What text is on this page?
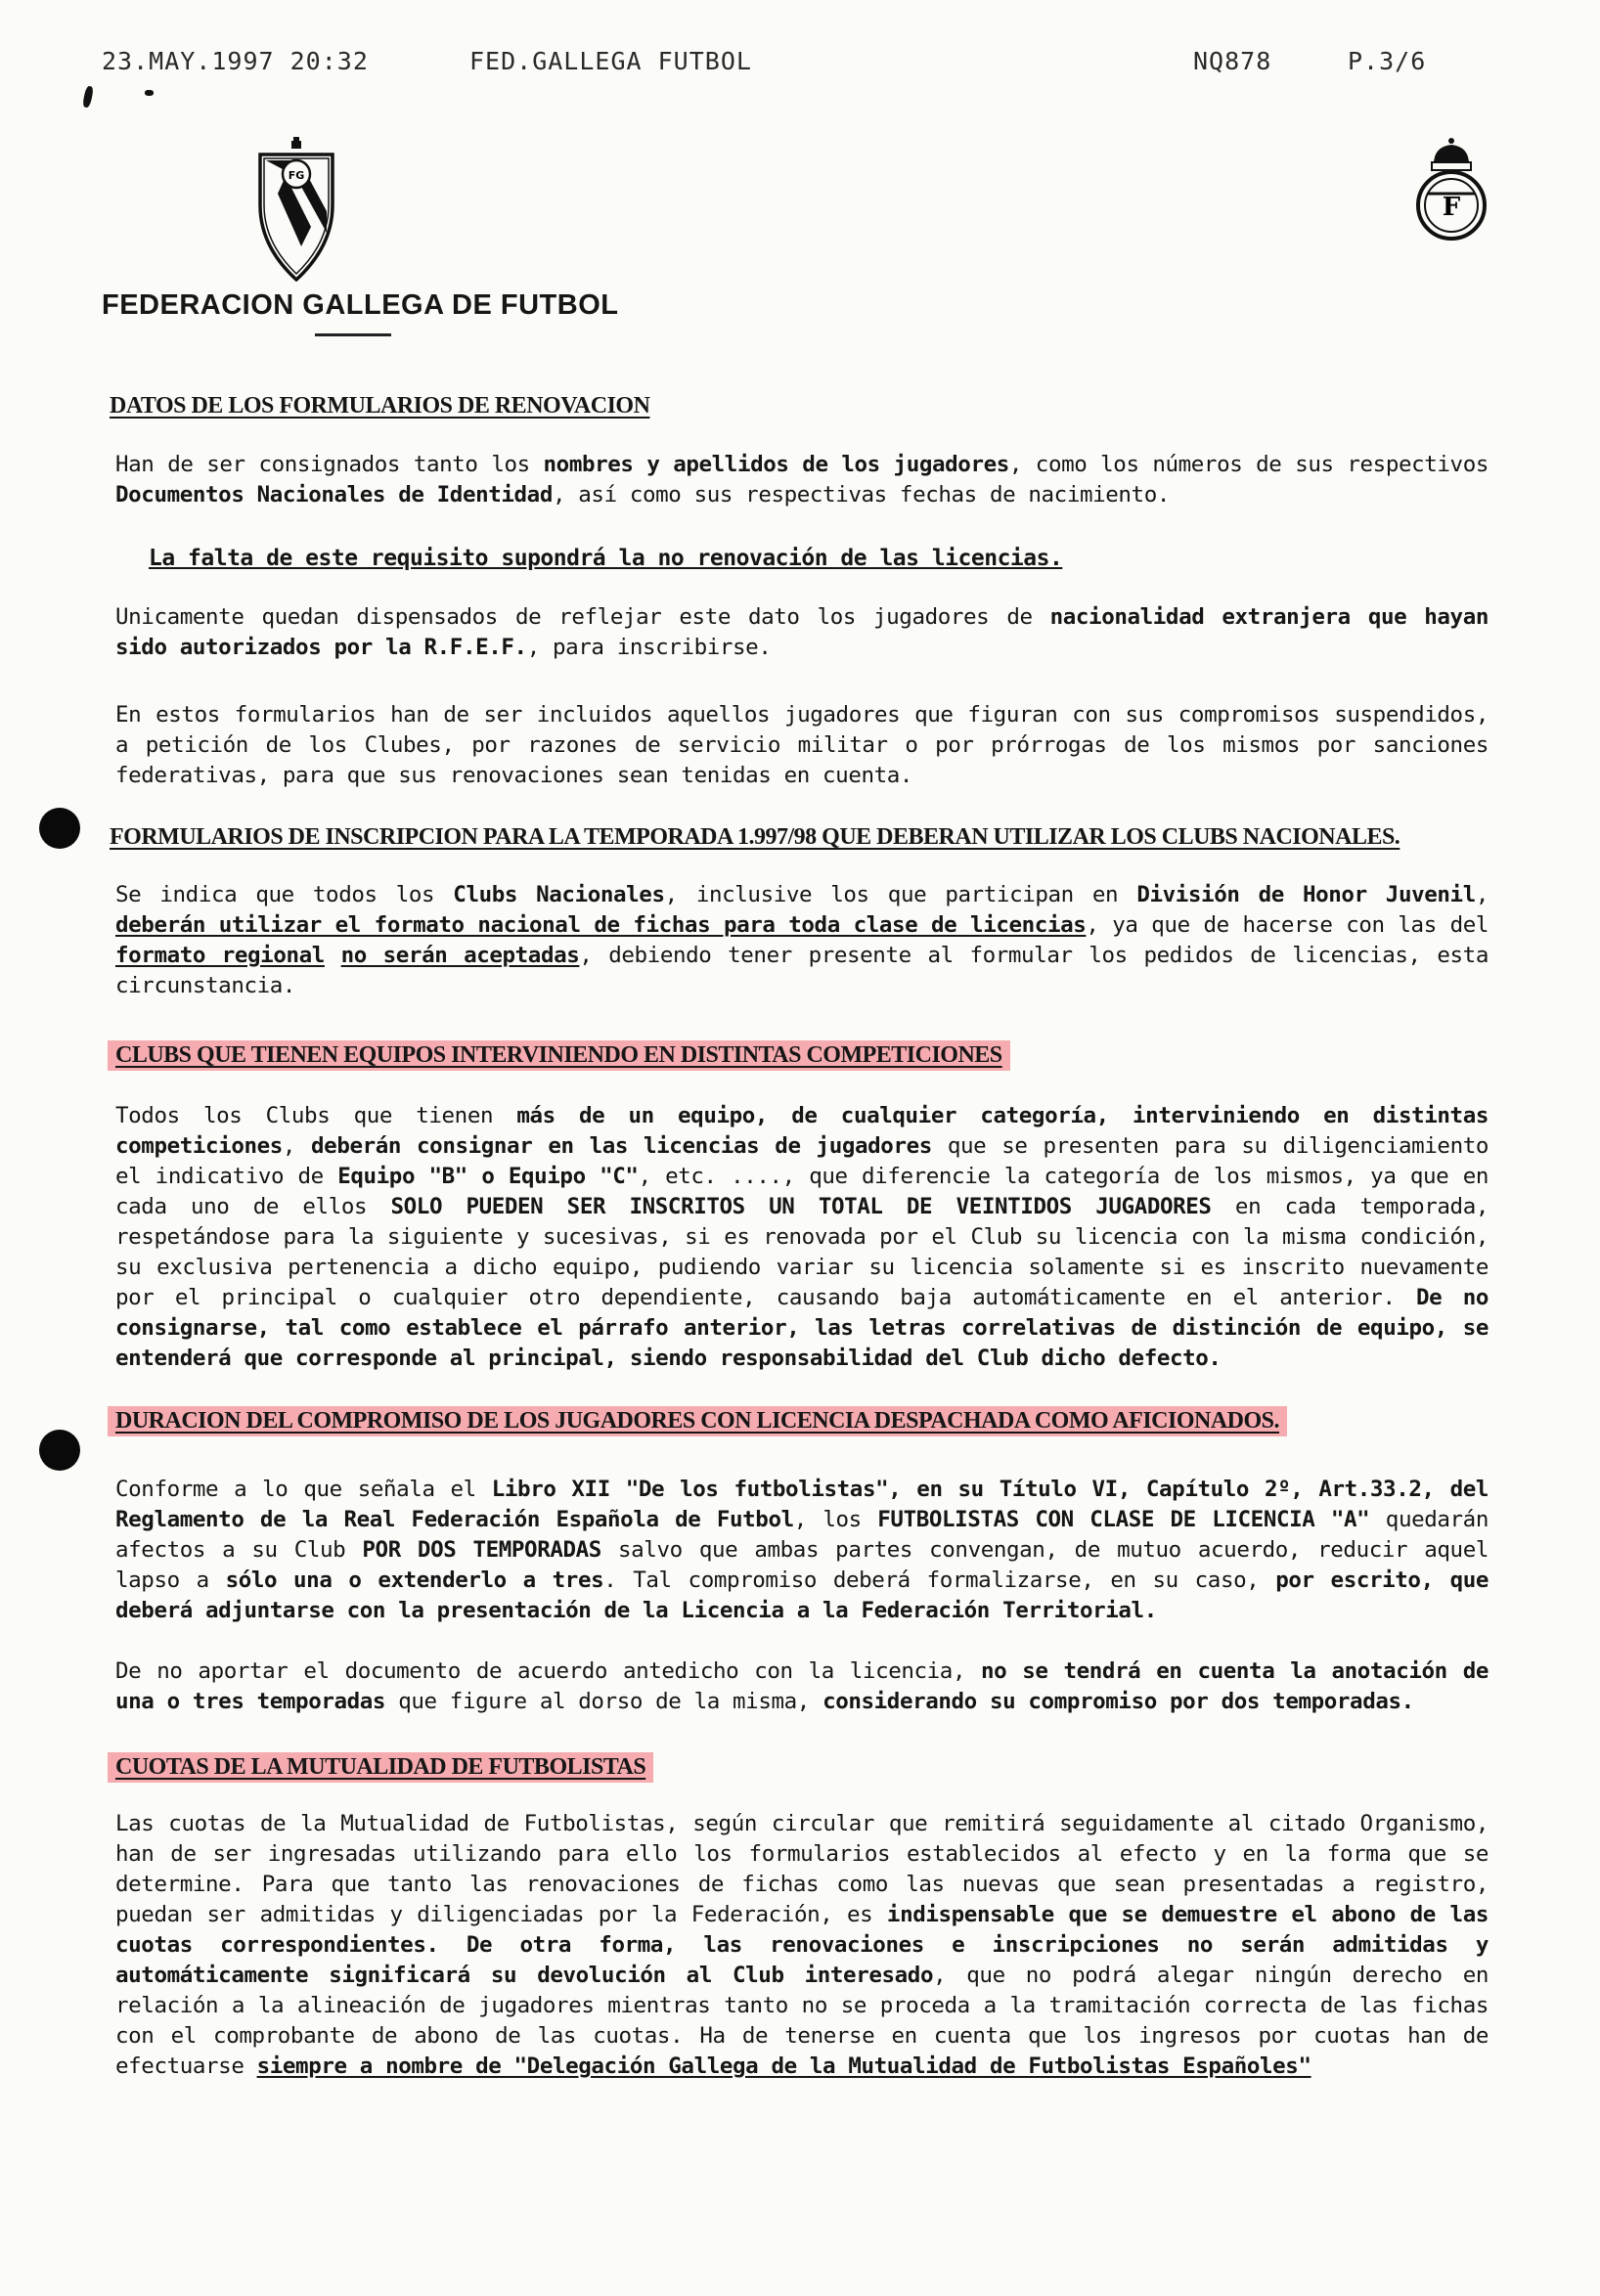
23.MAY.1997 20:32	FED.GALLEGA FUTBOL	NQ878	P.3/6
FG
F
FEDERACION GALLEGA DE FUTBOL
DATOS DE LOS FORMULARIOS DE RENOVACION
Han de ser consignados tanto los nombres y apellidos de los jugadores, como los números de sus respectivos Documentos Nacionales de Identidad, así como sus respectivas fechas de nacimiento.
La falta de este requisito supondrá la no renovación de las licencias.
Unicamente quedan dispensados de reflejar este dato los jugadores de nacionalidad extranjera que hayan sido autorizados por la R.F.E.F., para inscribirse.
En estos formularios han de ser incluidos aquellos jugadores que figuran con sus compromisos suspendidos, a petición de los Clubes, por razones de servicio militar o por prórrogas de los mismos por sanciones federativas, para que sus renovaciones sean tenidas en cuenta.
FORMULARIOS DE INSCRIPCION PARA LA TEMPORADA 1.997/98 QUE DEBERAN UTILIZAR LOS CLUBS NACIONALES.
Se indica que todos los Clubs Nacionales, inclusive los que participan en División de Honor Juvenil, deberán utilizar el formato nacional de fichas para toda clase de licencias, ya que de hacerse con las del formato regional no serán aceptadas, debiendo tener presente al formular los pedidos de licencias, esta circunstancia.
CLUBS QUE TIENEN EQUIPOS INTERVINIENDO EN DISTINTAS COMPETICIONES
Todos los Clubs que tienen más de un equipo, de cualquier categoría, interviniendo en distintas competiciones, deberán consignar en las licencias de jugadores que se presenten para su diligenciamiento el indicativo de Equipo "B" o Equipo "C", etc. ...., que diferencie la categoría de los mismos, ya que en cada uno de ellos SOLO PUEDEN SER INSCRITOS UN TOTAL DE VEINTIDOS JUGADORES en cada temporada, respetándose para la siguiente y sucesivas, si es renovada por el Club su licencia con la misma condición, su exclusiva pertenencia a dicho equipo, pudiendo variar su licencia solamente si es inscrito nuevamente por el principal o cualquier otro dependiente, causando baja automáticamente en el anterior. De no consignarse, tal como establece el párrafo anterior, las letras correlativas de distinción de equipo, se entenderá que corresponde al principal, siendo responsabilidad del Club dicho defecto.
DURACION DEL COMPROMISO DE LOS JUGADORES CON LICENCIA DESPACHADA COMO AFICIONADOS.
Conforme a lo que señala el Libro XII "De los futbolistas", en su Título VI, Capítulo 2º, Art.33.2, del Reglamento de la Real Federación Española de Futbol, los FUTBOLISTAS CON CLASE DE LICENCIA "A" quedarán afectos a su Club POR DOS TEMPORADAS salvo que ambas partes convengan, de mutuo acuerdo, reducir aquel lapso a sólo una o extenderlo a tres. Tal compromiso deberá formalizarse, en su caso, por escrito, que deberá adjuntarse con la presentación de la Licencia a la Federación Territorial.
De no aportar el documento de acuerdo antedicho con la licencia, no se tendrá en cuenta la anotación de una o tres temporadas que figure al dorso de la misma, considerando su compromiso por dos temporadas.
CUOTAS DE LA MUTUALIDAD DE FUTBOLISTAS
Las cuotas de la Mutualidad de Futbolistas, según circular que remitirá seguidamente al citado Organismo, han de ser ingresadas utilizando para ello los formularios establecidos al efecto y en la forma que se determine. Para que tanto las renovaciones de fichas como las nuevas que sean presentadas a registro, puedan ser admitidas y diligenciadas por la Federación, es indispensable que se demuestre el abono de las cuotas correspondientes. De otra forma, las renovaciones e inscripciones no serán admitidas y automáticamente significará su devolución al Club interesado, que no podrá alegar ningún derecho en relación a la alineación de jugadores mientras tanto no se proceda a la tramitación correcta de las fichas con el comprobante de abono de las cuotas. Ha de tenerse en cuenta que los ingresos por cuotas han de efectuarse siempre a nombre de "Delegación Gallega de la Mutualidad de Futbolistas Españoles"
